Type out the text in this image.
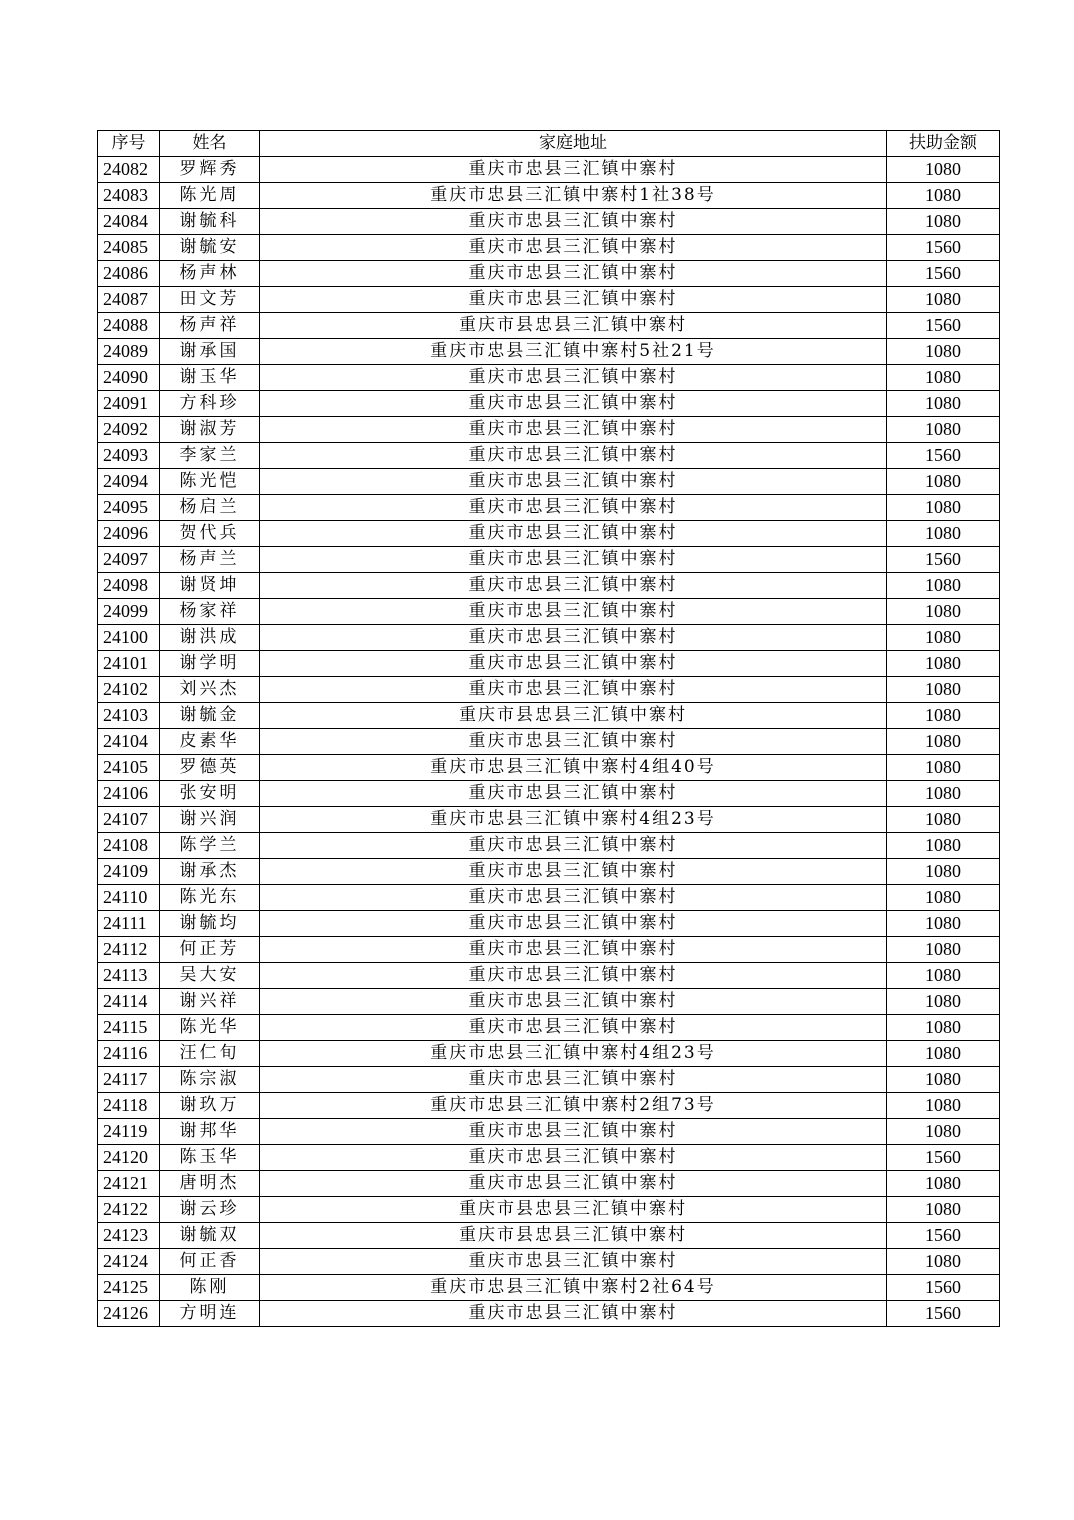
序号	姓名	家庭地址	扶助金额
24082	罗辉秀	重庆市忠县三汇镇中寨村	1080
24083	陈光周	重庆市忠县三汇镇中寨村1社38号	1080
24084	谢毓科	重庆市忠县三汇镇中寨村	1080
24085	谢毓安	重庆市忠县三汇镇中寨村	1560
24086	杨声林	重庆市忠县三汇镇中寨村	1560
24087	田文芳	重庆市忠县三汇镇中寨村	1080
24088	杨声祥	重庆市县忠县三汇镇中寨村	1560
24089	谢承国	重庆市忠县三汇镇中寨村5社21号	1080
24090	谢玉华	重庆市忠县三汇镇中寨村	1080
24091	方科珍	重庆市忠县三汇镇中寨村	1080
24092	谢淑芳	重庆市忠县三汇镇中寨村	1080
24093	李家兰	重庆市忠县三汇镇中寨村	1560
24094	陈光恺	重庆市忠县三汇镇中寨村	1080
24095	杨启兰	重庆市忠县三汇镇中寨村	1080
24096	贺代兵	重庆市忠县三汇镇中寨村	1080
24097	杨声兰	重庆市忠县三汇镇中寨村	1560
24098	谢贤坤	重庆市忠县三汇镇中寨村	1080
24099	杨家祥	重庆市忠县三汇镇中寨村	1080
24100	谢洪成	重庆市忠县三汇镇中寨村	1080
24101	谢学明	重庆市忠县三汇镇中寨村	1080
24102	刘兴杰	重庆市忠县三汇镇中寨村	1080
24103	谢毓金	重庆市县忠县三汇镇中寨村	1080
24104	皮素华	重庆市忠县三汇镇中寨村	1080
24105	罗德英	重庆市忠县三汇镇中寨村4组40号	1080
24106	张安明	重庆市忠县三汇镇中寨村	1080
24107	谢兴润	重庆市忠县三汇镇中寨村4组23号	1080
24108	陈学兰	重庆市忠县三汇镇中寨村	1080
24109	谢承杰	重庆市忠县三汇镇中寨村	1080
24110	陈光东	重庆市忠县三汇镇中寨村	1080
24111	谢毓均	重庆市忠县三汇镇中寨村	1080
24112	何正芳	重庆市忠县三汇镇中寨村	1080
24113	吴大安	重庆市忠县三汇镇中寨村	1080
24114	谢兴祥	重庆市忠县三汇镇中寨村	1080
24115	陈光华	重庆市忠县三汇镇中寨村	1080
24116	汪仁旬	重庆市忠县三汇镇中寨村4组23号	1080
24117	陈宗淑	重庆市忠县三汇镇中寨村	1080
24118	谢玖万	重庆市忠县三汇镇中寨村2组73号	1080
24119	谢邦华	重庆市忠县三汇镇中寨村	1080
24120	陈玉华	重庆市忠县三汇镇中寨村	1560
24121	唐明杰	重庆市忠县三汇镇中寨村	1080
24122	谢云珍	重庆市县忠县三汇镇中寨村	1080
24123	谢毓双	重庆市县忠县三汇镇中寨村	1560
24124	何正香	重庆市忠县三汇镇中寨村	1080
24125	陈刚	重庆市忠县三汇镇中寨村2社64号	1560
24126	方明连	重庆市忠县三汇镇中寨村	1560
